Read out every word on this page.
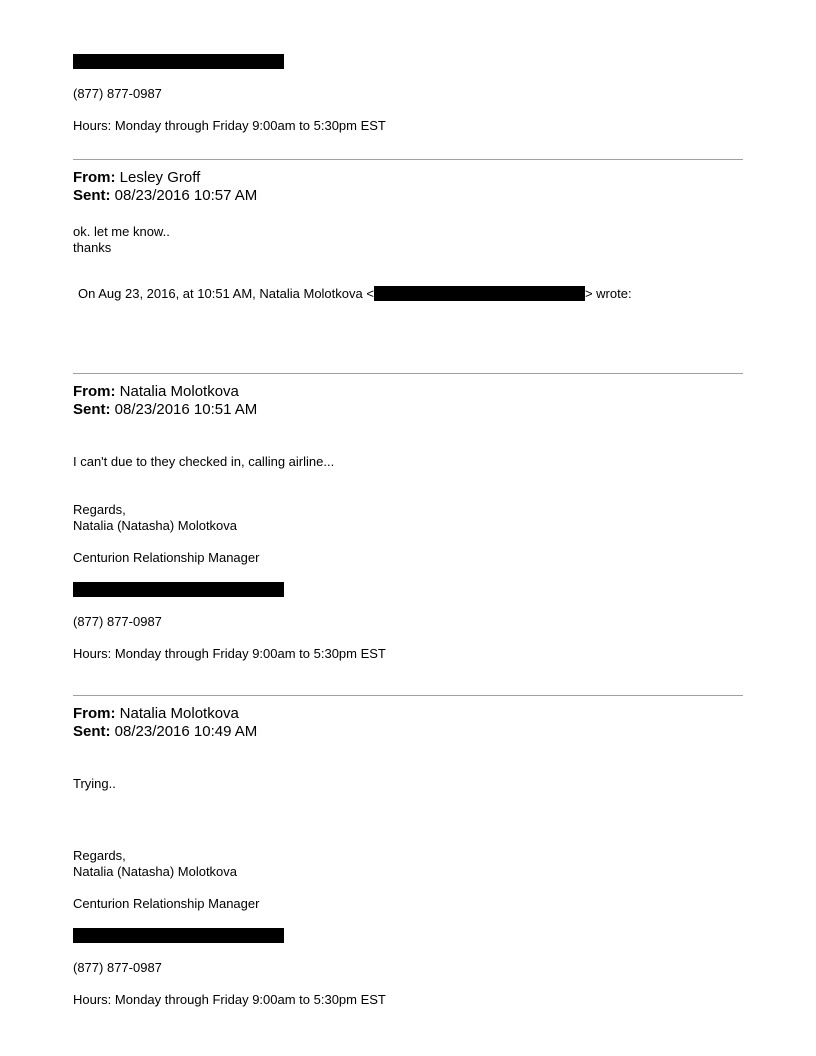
(877) 877-0987
Hours: Monday through Friday 9:00am to 5:30pm EST
From: Lesley Groff
Sent: 08/23/2016 10:57 AM
ok. let me know..
thanks
On Aug 23, 2016, at 10:51 AM, Natalia Molotkova <	> wrote:
From: Natalia Molotkova
Sent: 08/23/2016 10:51 AM
I can't due to they checked in, calling airline...
Regards,
Natalia (Natasha) Molotkova
Centurion Relationship Manager
(877) 877-0987
Hours: Monday through Friday 9:00am to 5:30pm EST
From: Natalia Molotkova
Sent: 08/23/2016 10:49 AM
Trying..
Regards,
Natalia (Natasha) Molotkova
Centurion Relationship Manager
(877) 877-0987
Hours: Monday through Friday 9:00am to 5:30pm EST
